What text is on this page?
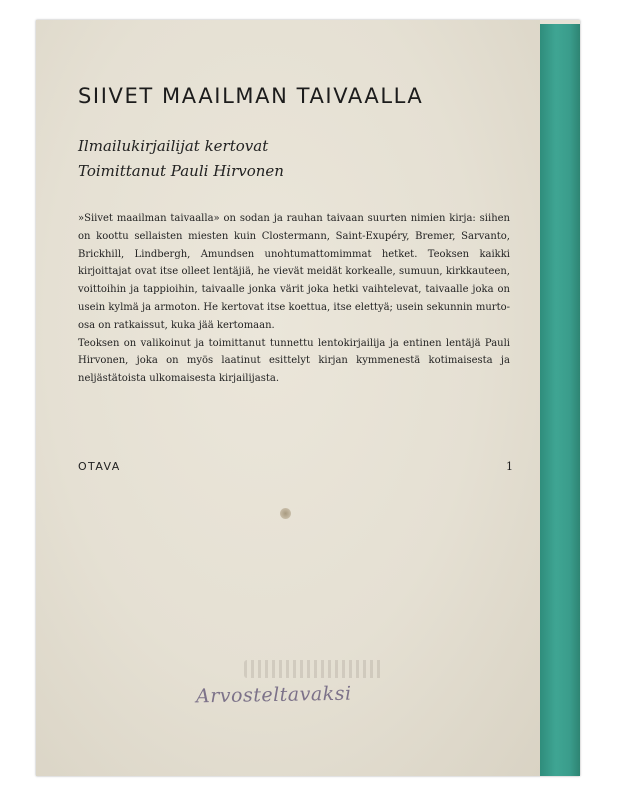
SIIVET MAAILMAN TAIVAALLA
Ilmailukirjailijat kertovat
Toimittanut Pauli Hirvonen

»Siivet maailman taivaalla» on sodan ja rauhan taivaan suurten nimien kirja: siihen on koottu sellaisten miesten kuin Clostermann, Saint-Exupéry, Bremer, Sarvanto, Brickhill, Lindbergh, Amundsen unohtumattomimmat hetket. Teoksen kaikki kirjoittajat ovat itse olleet lentäjiä, he vievät meidät korkealle, sumuun, kirkkauteen, voittoihin ja tappioihin, taivaalle jonka värit joka hetki vaihtelevat, taivaalle joka on usein kylmä ja armoton. He kertovat itse koettua, itse elettyä; usein sekunnin murto-osa on ratkaissut, kuka jää kertomaan.

Teoksen on valikoinut ja toimittanut tunnettu lentokirjailija ja entinen lentäjä Pauli Hirvonen, joka on myös laatinut esittelyt kirjan kymmenestä kotimaisesta ja neljästätoista ulkomaisesta kirjailijasta.

OTAVA	1
Arvosteltavaksi
